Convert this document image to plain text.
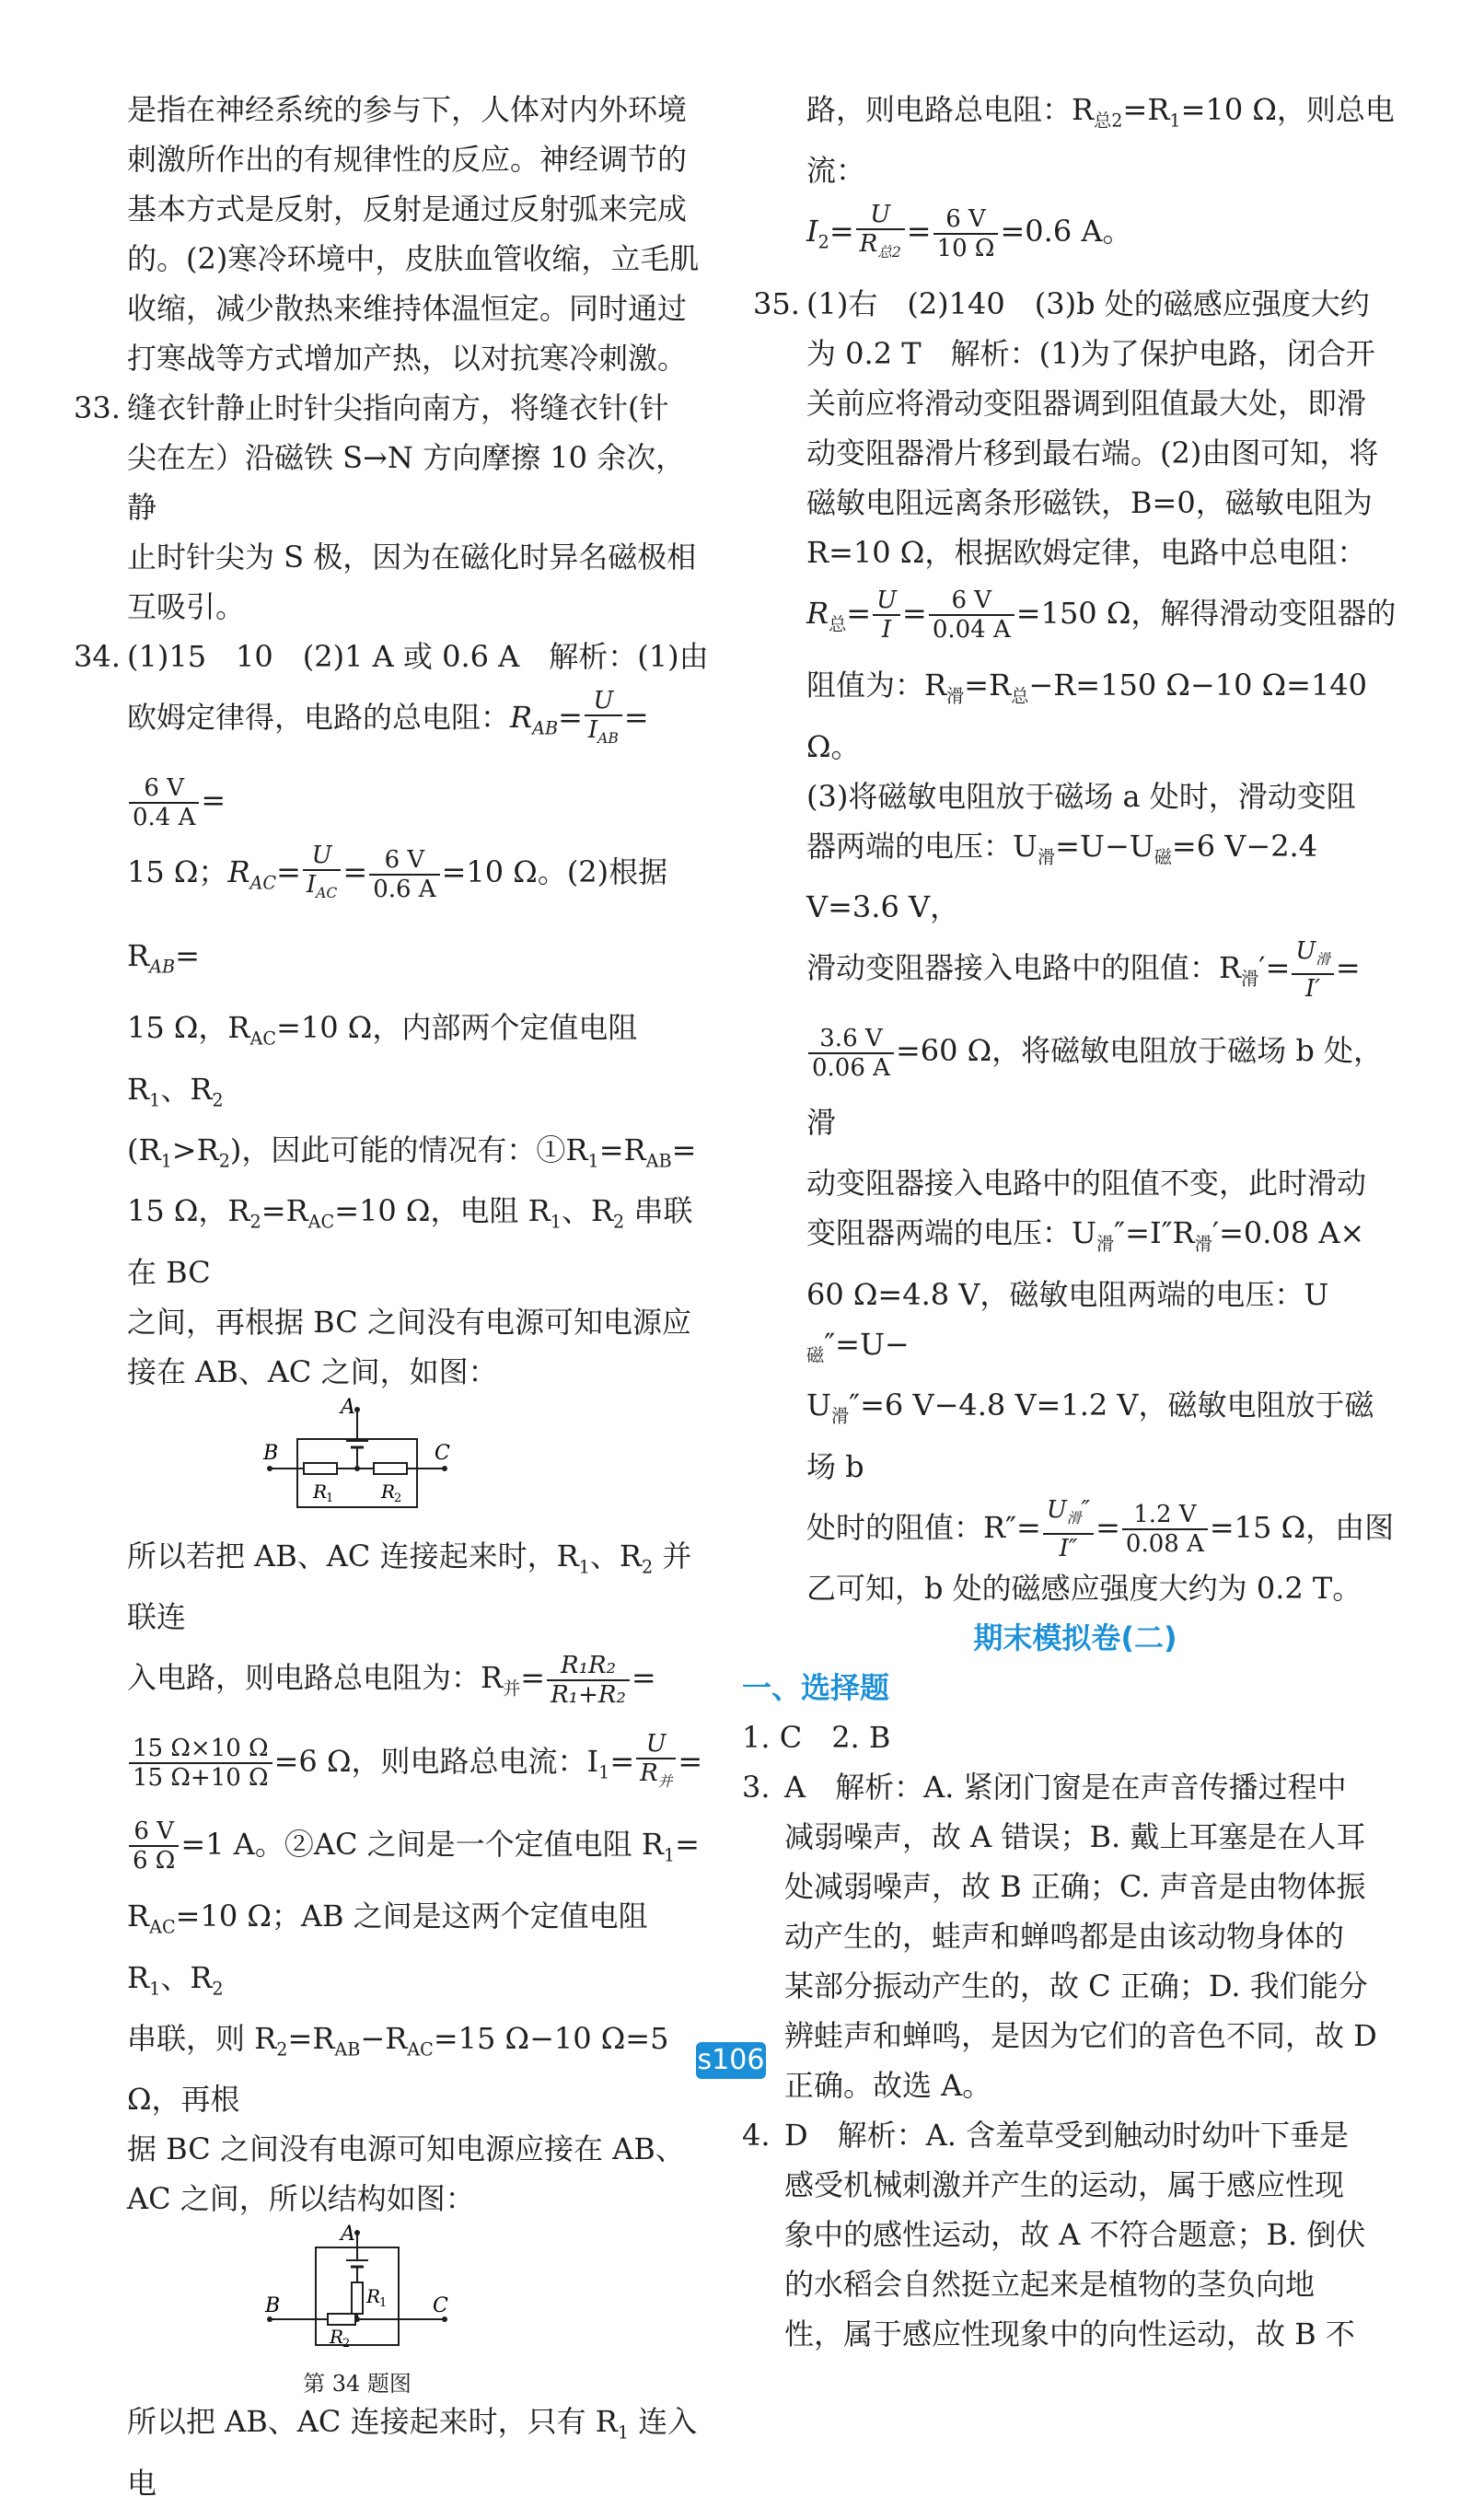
是指在神经系统的参与下，人体对内外环境

刺激所作出的有规律性的反应。神经调节的

基本方式是反射，反射是通过反射弧来完成

的。(2)寒冷环境中，皮肤血管收缩，立毛肌

收缩，减少散热来维持体温恒定。同时通过

打寒战等方式增加产热，以对抗寒冷刺激。

33. 缝衣针静止时针尖指向南方，将缝衣针(针

尖在左）沿磁铁 S→N 方向摩擦 10 余次，静

止时针尖为 S 极，因为在磁化时异名磁极相

互吸引。

34. (1)15　10　(2)1 A 或 0.6 A　解析：(1)由

欧姆定律得，电路的总电阻：$R_{AB}= U$
$I_{AB}$
=
$\frac{6 V}{0.4 A}$ =

15 Ω；$R_{AC}= U$
$I_{AC}$
= $\frac{6 V}{0.6 A} =10$ Ω。(2)根据 $R_{AB}=$

15 Ω，$R_{AC}=10$ Ω，内部两个定值电阻 $R_1$、$R_2$

$(R_1>R_2)$，因此可能的情况有：$①R_1=R_{AB}=$

15 Ω，$R_2=R_{AC}=10$ Ω，电阻 $R_1$、$R_2$ 串联在 BC

之间，再根据 BC 之间没有电源可知电源应

接在 AB、AC 之间，如图：

A
B	C
R
1	R
2

所以若把 AB、AC 连接起来时，$R_1$、$R_2$ 并联连

入电路，则电路总电阻为：$R_并= \frac{\text{R₁R₂}}{\text{R₁+R₂}}$ =

$\frac{15 \Omega\times 10 \Omega}{15 \Omega+10 \Omega} =6$ Ω，则电路总电流：$I_1= U$
$R_并$
=

$\frac{6 V}{6 \Omega} =1$ A。②AC 之间是一个定值电阻 $R_1=$

$R_{AC}=10$ Ω；AB 之间是这两个定值电阻 $R_1$、$R_2$

串联，则 $R_2=R_{AB}-R_{AC}=15$ Ω−10 Ω=5 Ω，再根

据 BC 之间没有电源可知电源应接在 AB、

AC 之间，所以结构如图：

A
B	C
R
1
R
2
第 34 题图

所以把 AB、AC 连接起来时，只有 $R_1$ 连入电

路，则电路总电阻：$R_{总2}=R_1=10$ Ω，则总电流：

$I_2= U$
$R_{总2}$
= $\frac{6 V}{10 \Omega} =0.6$ A。

35. (1)右　(2)140　(3)b 处的磁感应强度大约

为 0.2 T　解析：(1)为了保护电路，闭合开

关前应将滑动变阻器调到阻值最大处，即滑

动变阻器滑片移到最右端。(2)由图可知，将

磁敏电阻远离条形磁铁，B=0，磁敏电阻为

R=10 Ω，根据欧姆定律，电路中总电阻：

$R_总= \frac{U}{I} = \frac{6 V}{0.04 A} =150$ Ω，解得滑动变阻器的

阻值为：$R_滑=R_总-R=150$ Ω−10 Ω=140 Ω。

(3)将磁敏电阻放于磁场 a 处时，滑动变阻

器两端的电压：$U_滑=U-U_磁=6$ V−2.4 V=3.6 V，

滑动变阻器接入电路中的阻值：$R_滑'= U_滑$
I′
=

$\frac{3.6 V}{0.06 A} =60$ Ω，将磁敏电阻放于磁场 b 处，滑

动变阻器接入电路中的阻值不变，此时滑动

变阻器两端的电压：$U_滑''=I''R_滑'=0.08$ A×

60 Ω=4.8 V，磁敏电阻两端的电压：$U_磁''=U-$

$U_滑''=6$ V−4.8 V=1.2 V，磁敏电阻放于磁场 b

处时的阻值：$R''= U_滑''$
I″
= $\frac{1.2 V}{0.08 A} =15$ Ω，由图

乙可知，b 处的磁感应强度大约为 0.2 T。

期末模拟卷(二)

一、选择题

1. C　2. B

3. A　解析：A. 紧闭门窗是在声音传播过程中

减弱噪声，故 A 错误；B. 戴上耳塞是在人耳

处减弱噪声，故 B 正确；C. 声音是由物体振

动产生的，蛙声和蝉鸣都是由该动物身体的

某部分振动产生的，故 C 正确；D. 我们能分

辨蛙声和蝉鸣，是因为它们的音色不同，故 D

正确。故选 A。

4. D　解析：A. 含羞草受到触动时幼叶下垂是

感受机械刺激并产生的运动，属于感应性现

象中的感性运动，故 A 不符合题意；B. 倒伏

的水稻会自然挺立起来是植物的茎负向地

性，属于感应性现象中的向性运动，故 B 不

s106
